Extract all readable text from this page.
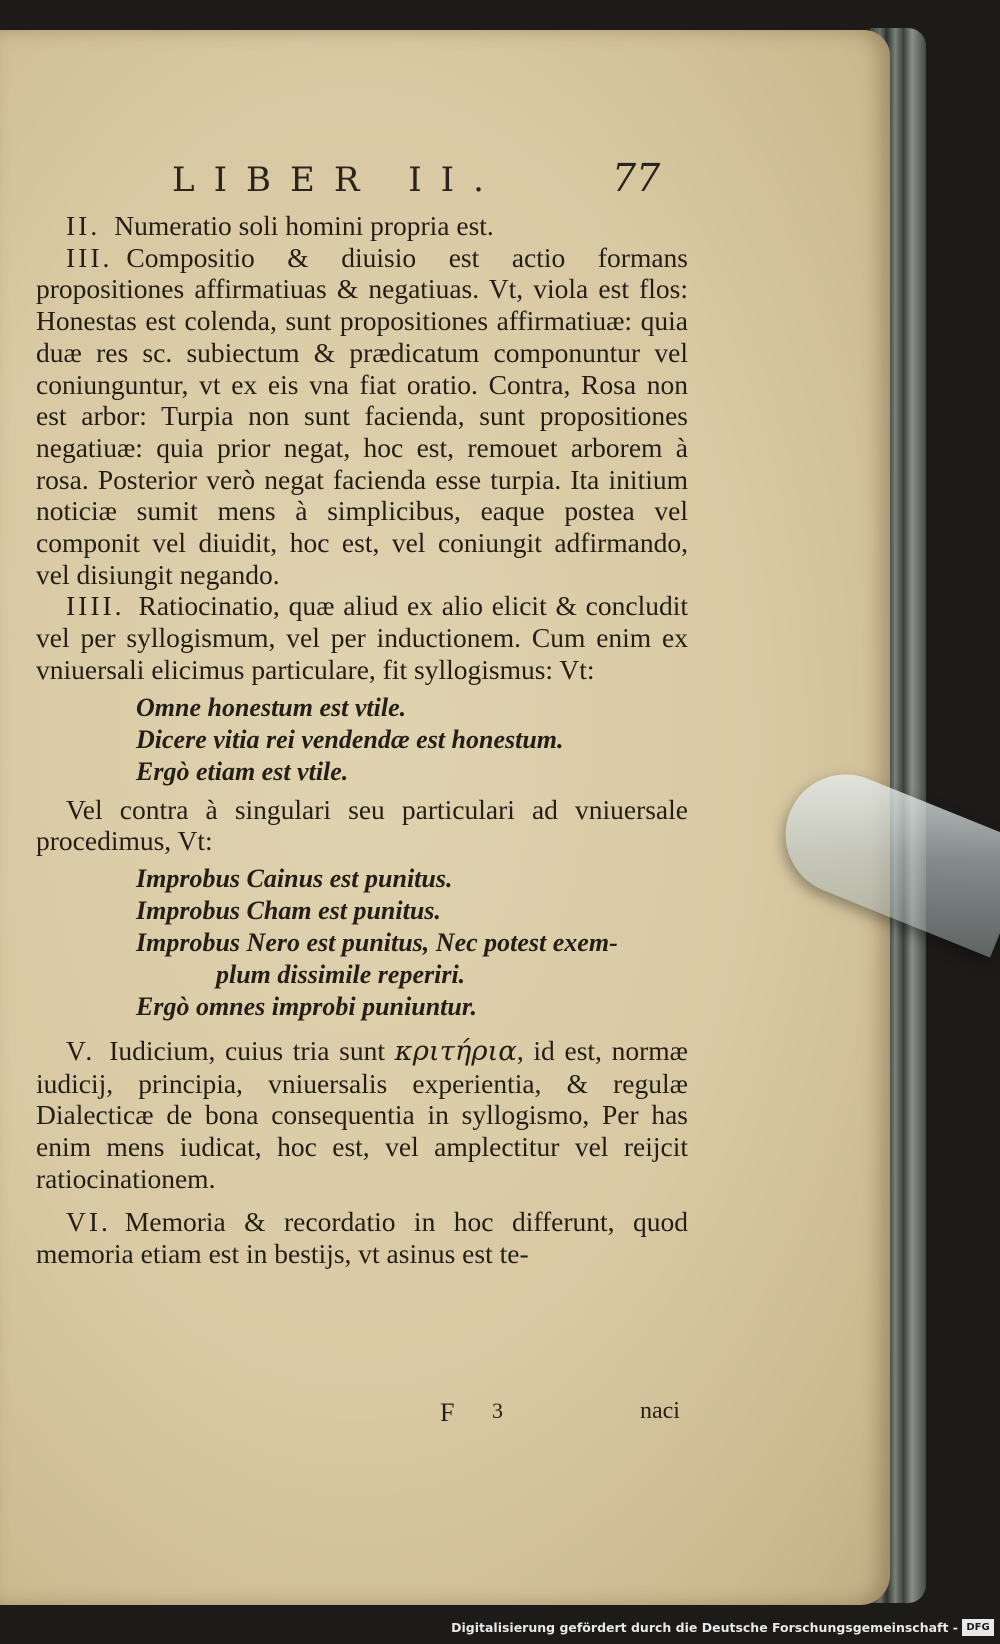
LIBER II.	77

II. Numeratio soli homini propria est.

III. Compositio & diuisio est actio formans propositiones affirmatiuas & negatiuas. Vt, viola est flos: Honestas est colenda, sunt propositiones affirmatiuæ: quia duæ res sc. subiectum & prædicatum componuntur vel coniunguntur, vt ex eis vna fiat oratio. Contra, Rosa non est arbor: Turpia non sunt facienda, sunt propositiones negatiuæ: quia prior negat, hoc est, remouet arborem à rosa. Posterior verò negat facienda esse turpia. Ita initium noticiæ sumit mens à simplicibus, eaque postea vel componit vel diuidit, hoc est, vel coniungit adfirmando, vel disiungit negando.

IIII. Ratiocinatio, quæ aliud ex alio elicit & concludit vel per syllogismum, vel per inductionem. Cum enim ex vniuersali elicimus particulare, fit syllogismus: Vt:

Omne honestum est vtile.

Dicere vitia rei vendendæ est honestum.

Ergò etiam est vtile.

Vel contra à singulari seu particulari ad vniuersale procedimus, Vt:

Improbus Cainus est punitus.

Improbus Cham est punitus.

Improbus Nero est punitus, Nec potest exem-

plum dissimile reperiri.

Ergò omnes improbi puniuntur.

V. Iudicium, cuius tria sunt κριτήρια, id est, normæ iudicij, principia, vniuersalis experientia, & regulæ Dialecticæ de bona consequentia in syllogismo, Per has enim mens iudicat, hoc est, vel amplectitur vel reijcit ratiocinationem.

VI. Memoria & recordatio in hoc differunt, quod memoria etiam est in bestijs, vt asinus est te-

F 3	naci
Digitalisierung gefördert durch die Deutsche Forschungsgemeinschaft - DFG
